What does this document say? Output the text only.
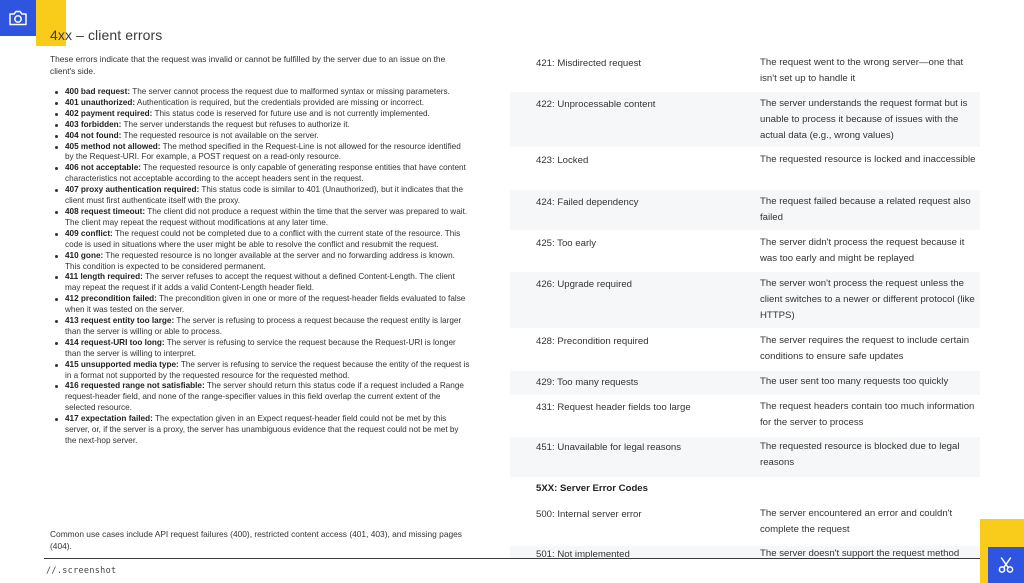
4xx – client errors

These errors indicate that the request was invalid or cannot be fulfilled by the server due to an issue on the client's side.

400 bad request: The server cannot process the request due to malformed syntax or missing parameters.
401 unauthorized: Authentication is required, but the credentials provided are missing or incorrect.
402 payment required: This status code is reserved for future use and is not currently implemented.
403 forbidden: The server understands the request but refuses to authorize it.
404 not found: The requested resource is not available on the server.
405 method not allowed: The method specified in the Request-Line is not allowed for the resource identified by the Request-URI. For example, a POST request on a read-only resource.
406 not acceptable: The requested resource is only capable of generating response entities that have content characteristics not acceptable according to the accept headers sent in the request.
407 proxy authentication required: This status code is similar to 401 (Unauthorized), but it indicates that the client must first authenticate itself with the proxy.
408 request timeout: The client did not produce a request within the time that the server was prepared to wait. The client may repeat the request without modifications at any later time.
409 conflict: The request could not be completed due to a conflict with the current state of the resource. This code is used in situations where the user might be able to resolve the conflict and resubmit the request.
410 gone: The requested resource is no longer available at the server and no forwarding address is known. This condition is expected to be considered permanent.
411 length required: The server refuses to accept the request without a defined Content-Length. The client may repeat the request if it adds a valid Content-Length header field.
412 precondition failed: The precondition given in one or more of the request-header fields evaluated to false when it was tested on the server.
413 request entity too large: The server is refusing to process a request because the request entity is larger than the server is willing or able to process.
414 request-URI too long: The server is refusing to service the request because the Request-URI is longer than the server is willing to interpret.
415 unsupported media type: The server is refusing to service the request because the entity of the request is in a format not supported by the requested resource for the requested method.
416 requested range not satisfiable: The server should return this status code if a request included a Range request-header field, and none of the range-specifier values in this field overlap the current extent of the selected resource.
417 expectation failed: The expectation given in an Expect request-header field could not be met by this server, or, if the server is a proxy, the server has unambiguous evidence that the request could not be met by the next-hop server.

Common use cases include API request failures (400), restricted content access (401, 403), and missing pages (404).

421: Misdirected request	The request went to the wrong server—one that isn't set up to handle it
422: Unprocessable content	The server understands the request format but is unable to process it because of issues with the actual data (e.g., wrong values)
423: Locked	The requested resource is locked and inaccessible
424: Failed dependency	The request failed because a related request also failed
425: Too early	The server didn't process the request because it was too early and might be replayed
426: Upgrade required	The server won't process the request unless the client switches to a newer or different protocol (like HTTPS)
428: Precondition required	The server requires the request to include certain conditions to ensure safe updates
429: Too many requests	The user sent too many requests too quickly
431: Request header fields too large	The request headers contain too much information for the server to process
451: Unavailable for legal reasons	The requested resource is blocked due to legal reasons
5XX: Server Error Codes
500: Internal server error	The server encountered an error and couldn't complete the request
501: Not implemented	The server doesn't support the request method
//.screenshot
